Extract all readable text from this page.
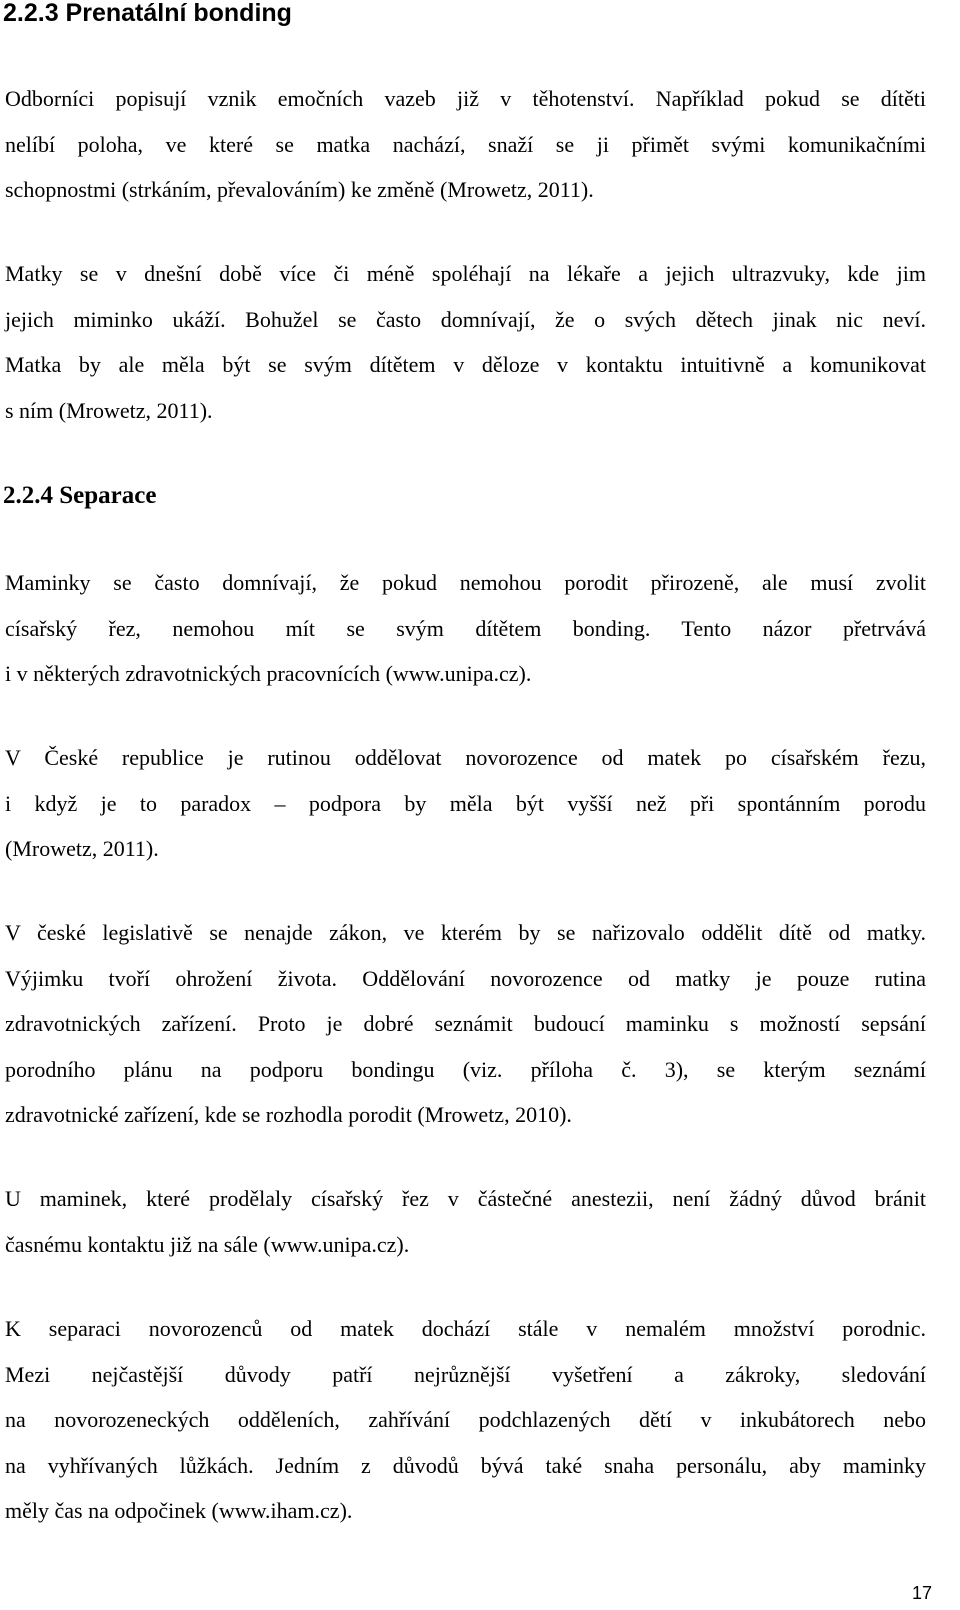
2.2.3 Prenatální bonding
Odborníci popisují vznik emočních vazeb již v těhotenství. Například pokud se dítěti
nelíbí poloha, ve které se matka nachází, snaží se ji přimět svými komunikačními
schopnostmi (strkáním, převalováním) ke změně (Mrowetz, 2011).
Matky se v dnešní době více či méně spoléhají na lékaře a jejich ultrazvuky, kde jim
jejich miminko ukáží. Bohužel se často domnívají, že o svých dětech jinak nic neví.
Matka by ale měla být se svým dítětem v děloze v kontaktu intuitivně a komunikovat
s ním (Mrowetz, 2011).
2.2.4 Separace
Maminky se často domnívají, že pokud nemohou porodit přirozeně, ale musí zvolit
císařský řez, nemohou mít se svým dítětem bonding. Tento názor přetrvává
i v některých zdravotnických pracovnících (www.unipa.cz).
V České republice je rutinou oddělovat novorozence od matek po císařském řezu,
i když je to paradox – podpora by měla být vyšší než při spontánním porodu
(Mrowetz, 2011).
V české legislativě se nenajde zákon, ve kterém by se nařizovalo oddělit dítě od matky.
Výjimku tvoří ohrožení života. Oddělování novorozence od matky je pouze rutina
zdravotnických zařízení. Proto je dobré seznámit budoucí maminku s možností sepsání
porodního plánu na podporu bondingu (viz. příloha č. 3), se kterým seznámí
zdravotnické zařízení, kde se rozhodla porodit (Mrowetz, 2010).
U maminek, které prodělaly císařský řez v částečné anestezii, není žádný důvod bránit
časnému kontaktu již na sále (www.unipa.cz).
K separaci novorozenců od matek dochází stále v nemalém množství porodnic.
Mezi nejčastější důvody patří nejrůznější vyšetření a zákroky, sledování
na novorozeneckých odděleních, zahřívání podchlazených dětí v inkubátorech nebo
na vyhřívaných lůžkách. Jedním z důvodů bývá také snaha personálu, aby maminky
měly čas na odpočinek (www.iham.cz).
17
